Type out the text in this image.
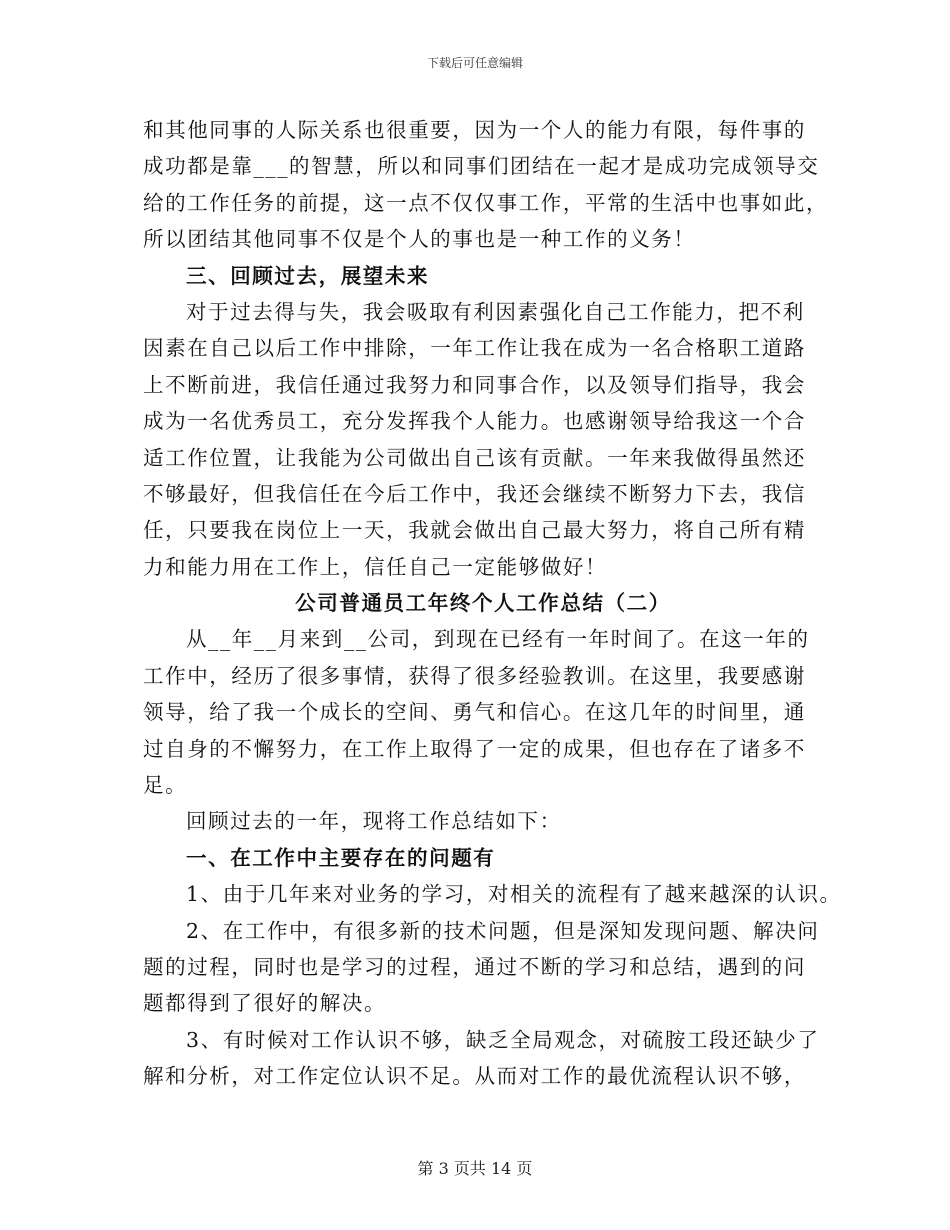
下载后可任意编辑
和其他同事的人际关系也很重要，因为一个人的能力有限，每件事的
成功都是靠___的智慧，所以和同事们团结在一起才是成功完成领导交
给的工作任务的前提，这一点不仅仅事工作，平常的生活中也事如此，
所以团结其他同事不仅是个人的事也是一种工作的义务！
三、回顾过去，展望未来
对于过去得与失，我会吸取有利因素强化自己工作能力，把不利
因素在自己以后工作中排除，一年工作让我在成为一名合格职工道路
上不断前进，我信任通过我努力和同事合作，以及领导们指导，我会
成为一名优秀员工，充分发挥我个人能力。也感谢领导给我这一个合
适工作位置，让我能为公司做出自己该有贡献。一年来我做得虽然还
不够最好，但我信任在今后工作中，我还会继续不断努力下去，我信
任，只要我在岗位上一天，我就会做出自己最大努力，将自己所有精
力和能力用在工作上，信任自己一定能够做好！
公司普通员工年终个人工作总结（二）
从__年__月来到__公司，到现在已经有一年时间了。在这一年的
工作中，经历了很多事情，获得了很多经验教训。在这里，我要感谢
领导，给了我一个成长的空间、勇气和信心。在这几年的时间里，通
过自身的不懈努力，在工作上取得了一定的成果，但也存在了诸多不
足。
回顾过去的一年，现将工作总结如下：
一、在工作中主要存在的问题有
1、由于几年来对业务的学习，对相关的流程有了越来越深的认识。
2、在工作中，有很多新的技术问题，但是深知发现问题、解决问
题的过程，同时也是学习的过程，通过不断的学习和总结，遇到的问
题都得到了很好的解决。
3、有时候对工作认识不够，缺乏全局观念，对硫胺工段还缺少了
解和分析，对工作定位认识不足。从而对工作的最优流程认识不够，
第 3 页共 14 页
